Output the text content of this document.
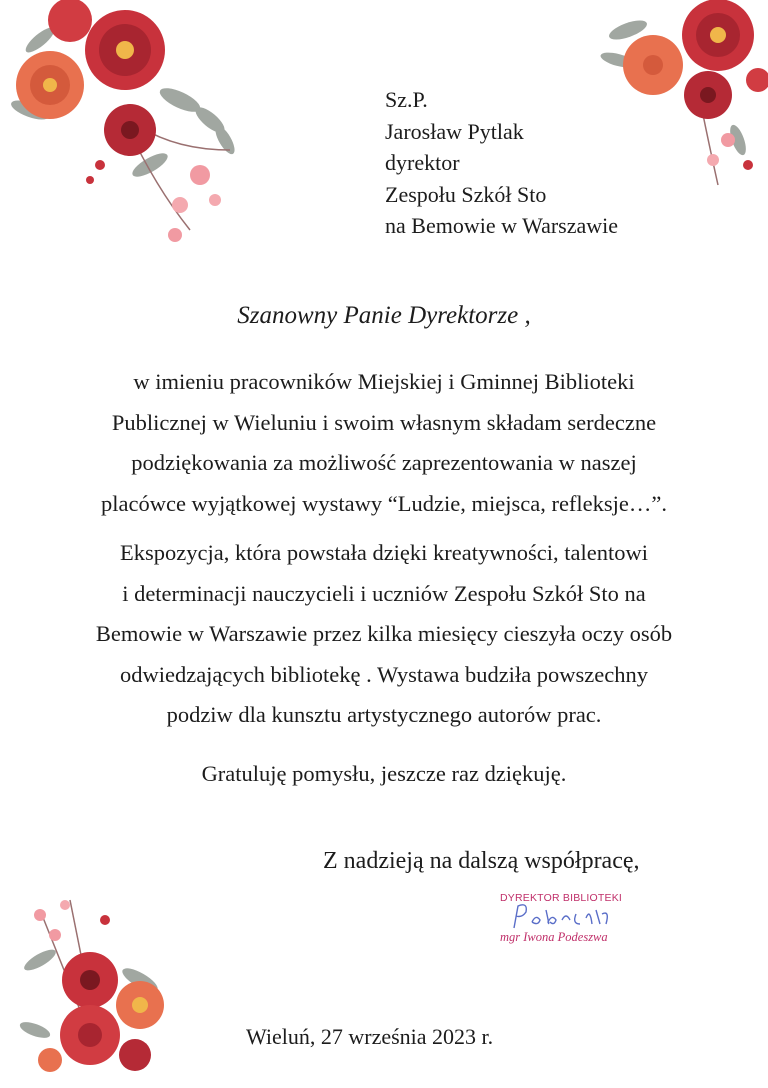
Sz.P.
Jarosław Pytlak
dyrektor
Zespołu Szkół Sto
na Bemowie w Warszawie
Szanowny Panie Dyrektorze ,
w imieniu pracowników Miejskiej i Gminnej Biblioteki
Publicznej w Wieluniu i swoim własnym składam serdeczne
podziękowania za możliwość zaprezentowania w naszej
placówce wyjątkowej wystawy “Ludzie, miejsca, refleksje…”.
Ekspozycja, która powstała dzięki kreatywności, talentowi
i determinacji nauczycieli i uczniów Zespołu Szkół Sto na
Bemowie w Warszawie przez kilka miesięcy cieszyła oczy osób
odwiedzających bibliotekę . Wystawa budziła powszechny
podziw dla kunsztu artystycznego autorów prac.
Gratuluję pomysłu, jeszcze raz dziękuję.
Z nadzieją na dalszą współpracę,
DYREKTOR BIBLIOTEKI
mgr Iwona Podeszwa
Wieluń, 27 września 2023 r.
